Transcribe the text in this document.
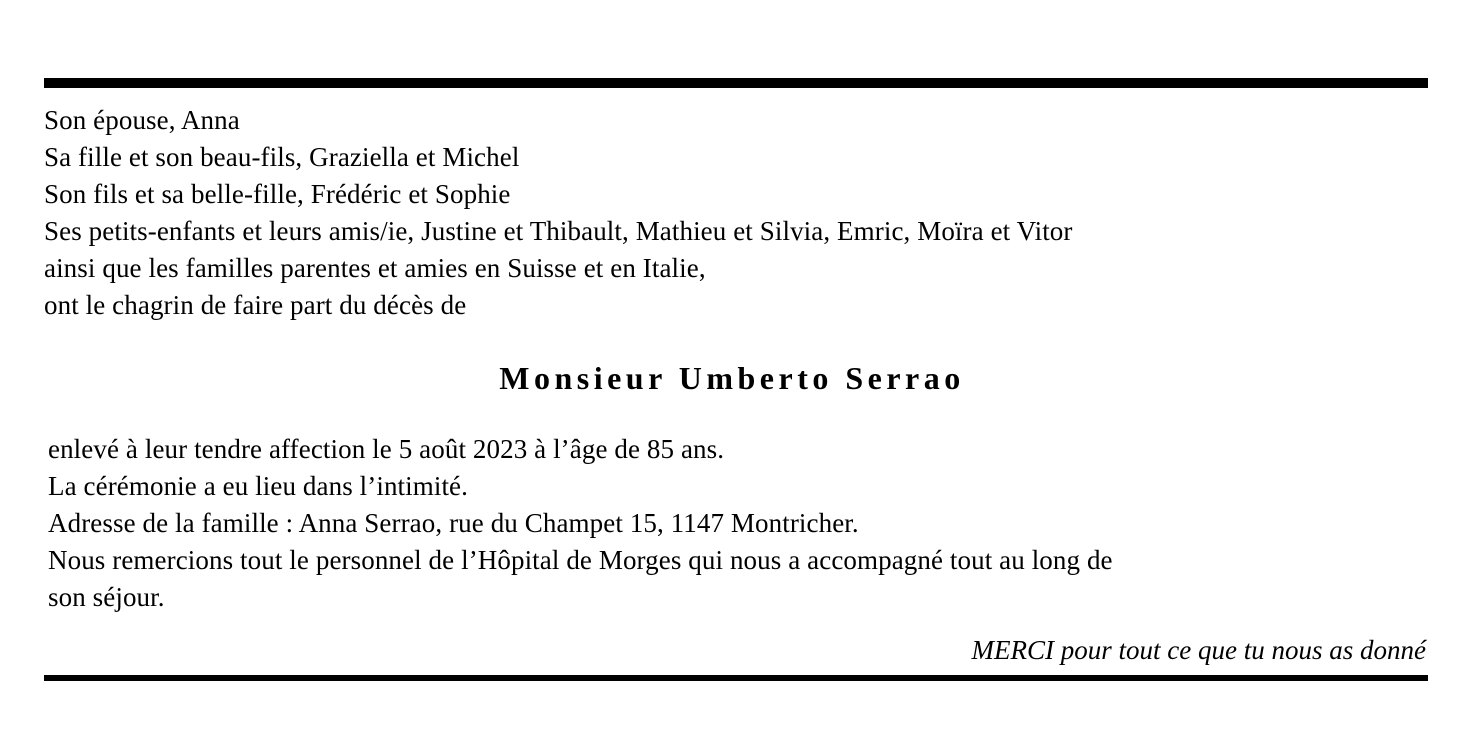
Son épouse, Anna
Sa fille et son beau-fils, Graziella et Michel
Son fils et sa belle-fille, Frédéric et Sophie
Ses petits-enfants et leurs amis/ie, Justine et Thibault, Mathieu et Silvia, Emric, Moïra et Vitor
ainsi que les familles parentes et amies en Suisse et en Italie,
ont le chagrin de faire part du décès de
Monsieur Umberto Serrao
enlevé à leur tendre affection le 5 août 2023 à l’âge de 85 ans.
La cérémonie a eu lieu dans l’intimité.
Adresse de la famille : Anna Serrao, rue du Champet 15, 1147 Montricher.
Nous remercions tout le personnel de l’Hôpital de Morges qui nous a accompagné tout au long de
son séjour.
MERCI pour tout ce que tu nous as donné
